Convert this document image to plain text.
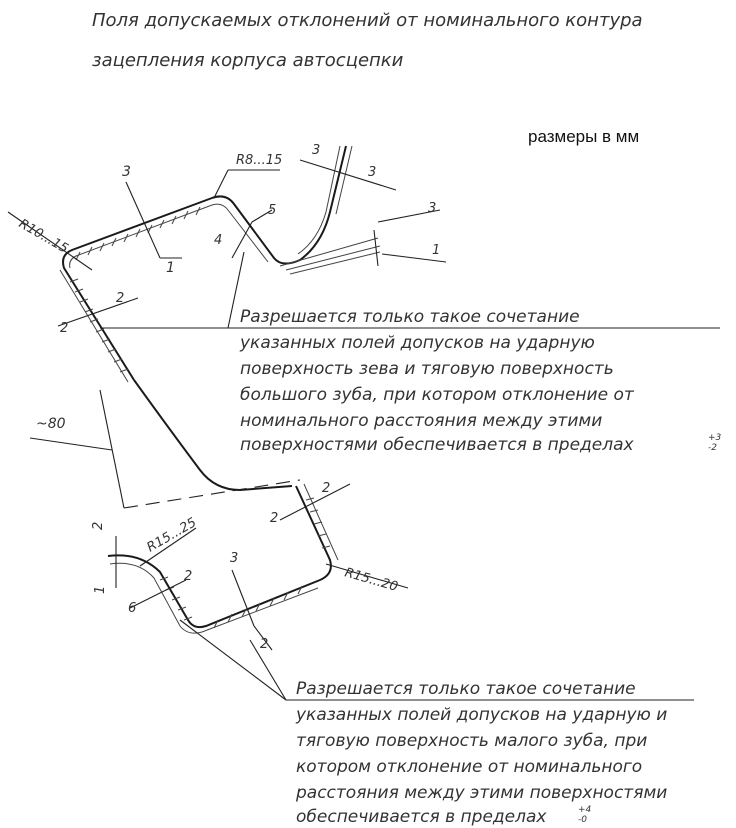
Поля допускаемых отклонений от номинального контура
зацепления корпуса автосцепки
размеры в мм
R10...15
3
1
R8...15
3
3
5
4
3
1
2
2
~80
2
1
R15...25
2
6
3
2
2
2
R15...20
Разрешается только такое сочетание
указанных полей допусков на ударную
поверхность зева и тяговую поверхность
большого зуба, при котором отклонение от
номинального расстояния между этими
поверхностями обеспечивается в пределах	+3
-2
Разрешается только такое сочетание
указанных полей допусков на ударную и
тяговую поверхность малого зуба, при
котором отклонение от номинального
расстояния между этими поверхностями
обеспечивается в пределах	+4
-0
